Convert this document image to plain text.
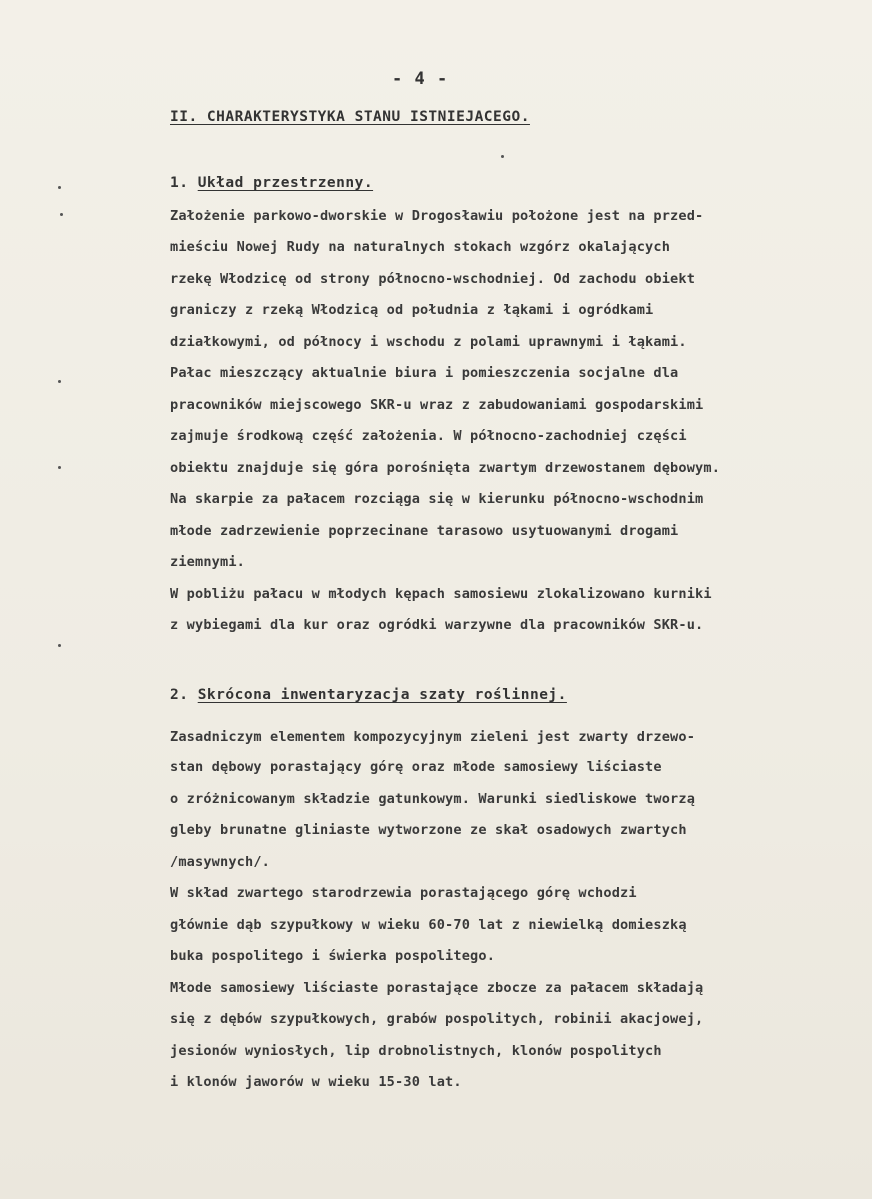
- 4 -
II. CHARAKTERYSTYKA STANU ISTNIEJACEGO.
1. Układ przestrzenny.
Założenie parkowo-dworskie w Drogosławiu położone jest na przed-
mieściu Nowej Rudy na naturalnych stokach wzgórz okalających
rzekę Włodzicę od strony północno-wschodniej. Od zachodu obiekt
graniczy z rzeką Włodzicą od południa z łąkami i ogródkami
działkowymi, od północy i wschodu z polami uprawnymi i łąkami.
Pałac mieszczący aktualnie biura i pomieszczenia socjalne dla
pracowników miejscowego SKR-u wraz z zabudowaniami gospodarskimi
zajmuje środkową część założenia. W północno-zachodniej części
obiektu znajduje się góra porośnięta zwartym drzewostanem dębowym.
Na skarpie za pałacem rozciąga się w kierunku północno-wschodnim
młode zadrzewienie poprzecinane tarasowo usytuowanymi drogami
ziemnymi.
W pobliżu pałacu w młodych kępach samosiewu zlokalizowano kurniki
z wybiegami dla kur oraz ogródki warzywne dla pracowników SKR-u.
2. Skrócona inwentaryzacja szaty roślinnej.
Zasadniczym elementem kompozycyjnym zieleni jest zwarty drzewo-
stan dębowy porastający górę oraz młode samosiewy liściaste
o zróżnicowanym składzie gatunkowym. Warunki siedliskowe tworzą
gleby brunatne gliniaste wytworzone ze skał osadowych zwartych
/masywnych/.
W skład zwartego starodrzewia porastającego górę wchodzi
głównie dąb szypułkowy w wieku 60-70 lat z niewielką domieszką
buka pospolitego i świerka pospolitego.
Młode samosiewy liściaste porastające zbocze za pałacem składają
się z dębów szypułkowych, grabów pospolitych, robinii akacjowej,
jesionów wyniosłych, lip drobnolistnych, klonów pospolitych
i klonów jaworów w wieku 15-30 lat.
